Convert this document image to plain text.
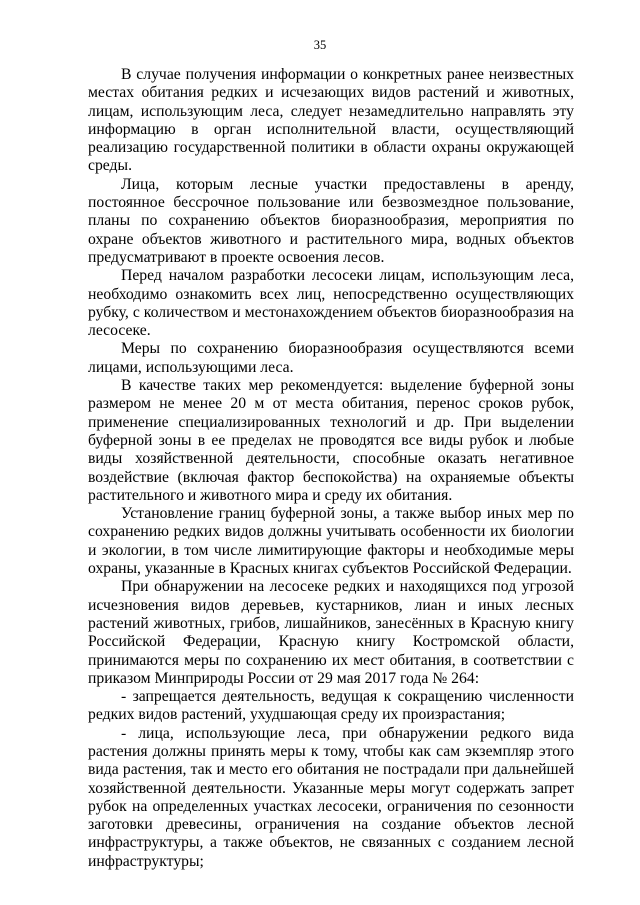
35

В случае получения информации о конкретных ранее неизвестных местах обитания редких и исчезающих видов растений и животных, лицам, использующим леса, следует незамедлительно направлять эту информацию в орган исполнительной власти, осуществляющий реализацию государственной политики в области охраны окружающей среды.

Лица, которым лесные участки предоставлены в аренду, постоянное бессрочное пользование или безвозмездное пользование, планы по сохранению объектов биоразнообразия, мероприятия по охране объектов животного и растительного мира, водных объектов предусматривают в проекте освоения лесов.

Перед началом разработки лесосеки лицам, использующим леса, необходимо ознакомить всех лиц, непосредственно осуществляющих рубку, с количеством и местонахождением объектов биоразнообразия на лесосеке.

Меры по сохранению биоразнообразия осуществляются всеми лицами, использующими леса.

В качестве таких мер рекомендуется: выделение буферной зоны размером не менее 20 м от места обитания, перенос сроков рубок, применение специализированных технологий и др. При выделении буферной зоны в ее пределах не проводятся все виды рубок и любые виды хозяйственной деятельности, способные оказать негативное воздействие (включая фактор беспокойства) на охраняемые объекты растительного и животного мира и среду их обитания.

Установление границ буферной зоны, а также выбор иных мер по сохранению редких видов должны учитывать особенности их биологии и экологии, в том числе лимитирующие факторы и необходимые меры охраны, указанные в Красных книгах субъектов Российской Федерации.

При обнаружении на лесосеке редких и находящихся под угрозой исчезновения видов деревьев, кустарников, лиан и иных лесных растений животных, грибов, лишайников, занесённых в Красную книгу Российской Федерации, Красную книгу Костромской области, принимаются меры по сохранению их мест обитания, в соответствии с приказом Минприроды России от 29 мая 2017 года № 264:

- запрещается деятельность, ведущая к сокращению численности редких видов растений, ухудшающая среду их произрастания;

- лица, использующие леса, при обнаружении редкого вида растения должны принять меры к тому, чтобы как сам экземпляр этого вида растения, так и место его обитания не пострадали при дальнейшей хозяйственной деятельности. Указанные меры могут содержать запрет рубок на определенных участках лесосеки, ограничения по сезонности заготовки древесины, ограничения на создание объектов лесной инфраструктуры, а также объектов, не связанных с созданием лесной инфраструктуры;
